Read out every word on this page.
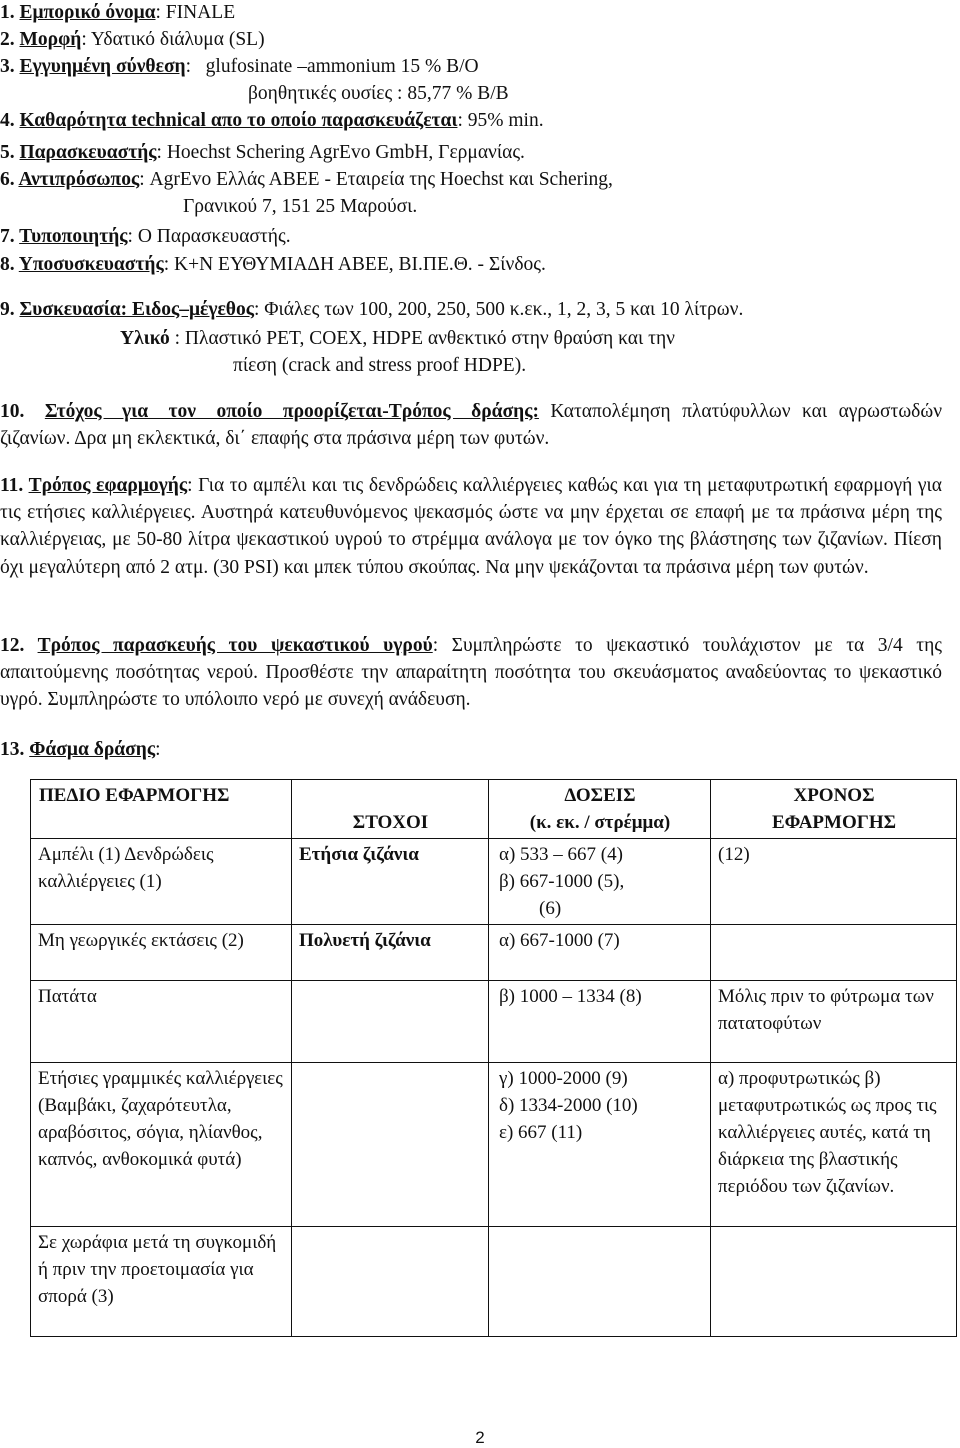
1. Εμπορικό όνομα: FINALE
2. Μορφή: Υδατικό διάλυμα (SL)
3. Εγγυημένη σύνθεση:   glufosinate –ammonium 15 % Β/Ο
βοηθητικές ουσίες : 85,77 % Β/Β
4. Καθαρότητα technical απο το οποίο παρασκευάζεται: 95% min.
5. Παρασκευαστής: Hoechst Schering AgrEvo GmbH, Γερμανίας.
6. Αντιπρόσωπος: AgrEvo Ελλάς ΑΒΕΕ - Εταιρεία της Hoechst και Schering,
Γρανικού 7, 151 25 Μαρούσι.
7. Τυποποιητής: Ο Παρασκευαστής.
8. Υποσυσκευαστής: Κ+Ν ΕΥΘΥΜΙΑΔΗ ΑΒΕΕ, ΒΙ.ΠΕ.Θ. - Σίνδος.
9. Συσκευασία: Ειδος–μέγεθος: Φιάλες των 100, 200, 250, 500 κ.εκ., 1, 2, 3, 5 και 10 λίτρων.
Υλικό : Πλαστικό PET, COEX, HDPE ανθεκτικό στην θραύση και την
πίεση (crack and stress proof HDPE).
10. Στόχος για τον οποίο προορίζεται-Τρόπος δράσης: Καταπολέμηση πλατύφυλλων και αγρωστωδών ζιζανίων. Δρα μη εκλεκτικά, δι΄ επαφής στα πράσινα μέρη των φυτών.
11. Τρόπος εφαρμογής: Για το αμπέλι και τις δενδρώδεις καλλιέργειες καθώς και για τη μεταφυτρωτική εφαρμογή για τις ετήσιες καλλιέργειες. Αυστηρά κατευθυνόμενος ψεκασμός ώστε να μην έρχεται σε επαφή με τα πράσινα μέρη της καλλιέργειας, με 50-80 λίτρα ψεκαστικού υγρού το στρέμμα ανάλογα με τον όγκο της βλάστησης των ζιζανίων. Πίεση όχι μεγαλύτερη από 2 ατμ. (30 PSI) και μπεκ τύπου σκούπας. Να μην ψεκάζονται τα πράσινα μέρη των φυτών.
12. Τρόπος παρασκευής του ψεκαστικού υγρού: Συμπληρώστε το ψεκαστικό τουλάχιστον με τα 3/4 της απαιτούμενης ποσότητας νερού. Προσθέστε την απαραίτητη ποσότητα του σκευάσματος αναδεύοντας το ψεκαστικό υγρό. Συμπληρώστε το υπόλοιπο νερό με συνεχή ανάδευση.
13. Φάσμα δράσης:
ΠΕΔΙΟ ΕΦΑΡΜΟΓΗΣ	ΣΤΟΧΟΙ	ΔΟΣΕΙΣ
(κ. εκ. / στρέμμα)	ΧΡΟΝΟΣ
ΕΦΑΡΜΟΓΗΣ
Αμπέλι (1) Δενδρώδεις καλλιέργειες (1)	Ετήσια ζιζάνια	α) 533 – 667 (4)
β) 667-1000 (5),
(6)	(12)
Μη γεωργικές εκτάσεις (2)	Πολυετή ζιζάνια	α) 667-1000 (7)	

Πατάτα		β) 1000 – 1334 (8)	Μόλις πριν το φύτρωμα των πατατοφύτων
Ετήσιες γραμμικές καλλιέργειες (Βαμβάκι, ζαχαρότευτλα, αραβόσιτος, σόγια, ηλίανθος, καπνός, ανθοκομικά φυτά)		γ) 1000-2000 (9)
δ) 1334-2000 (10)
ε) 667 (11)	α) προφυτρωτικώς β) μεταφυτρωτικώς ως προς τις καλλιέργειες αυτές, κατά τη διάρκεια της βλαστικής περιόδου των ζιζανίων.
Σε χωράφια μετά τη συγκομιδή ή πριν την προετοιμασία για σπορά (3)			
2
